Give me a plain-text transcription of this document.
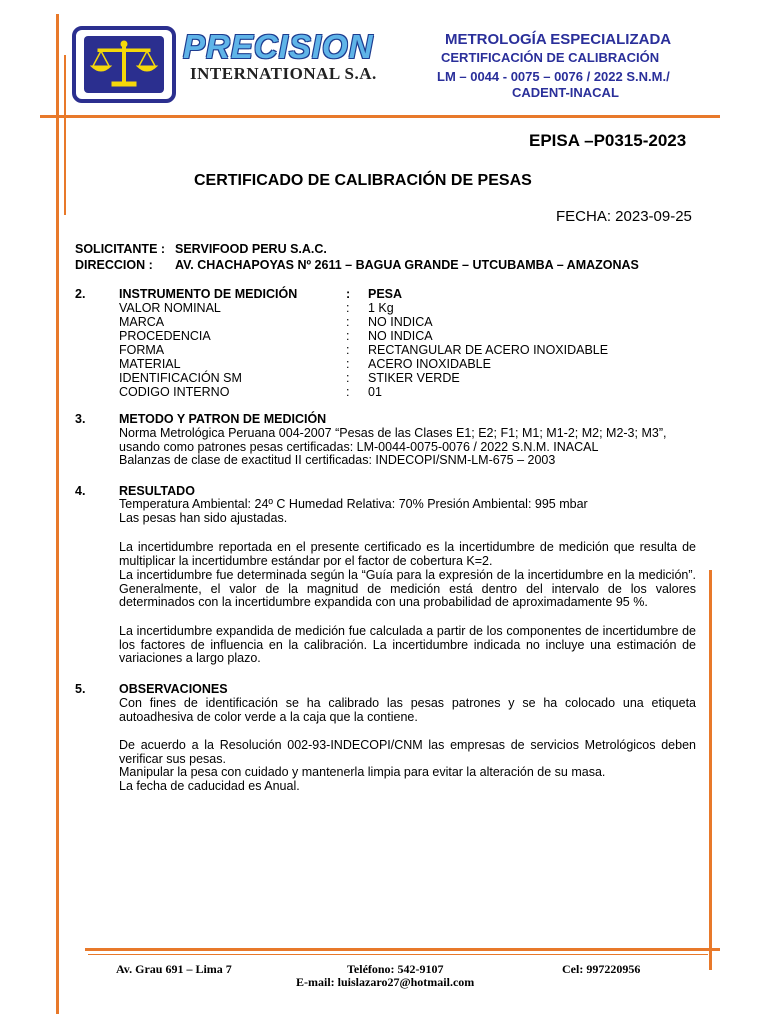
PRECISION
INTERNATIONAL S.A.
METROLOGÍA ESPECIALIZADA
CERTIFICACIÓN DE CALIBRACIÓN
LM – 0044 - 0075 – 0076 / 2022 S.N.M./
CADENT-INACAL
EPISA –P0315-2023
CERTIFICADO DE CALIBRACIÓN DE PESAS
FECHA: 2023-09-25
SOLICITANTE : SERVIFOOD PERU S.A.C.
DIRECCION : AV. CHACHAPOYAS Nº 2611 – BAGUA GRANDE – UTCUBAMBA – AMAZONAS
2.	INSTRUMENTO DE MEDICIÓN	: PESA
VALOR NOMINAL	: 1 Kg
MARCA	: NO INDICA
PROCEDENCIA	: NO INDICA
FORMA	: RECTANGULAR DE ACERO INOXIDABLE
MATERIAL	: ACERO INOXIDABLE
IDENTIFICACIÓN SM	: STIKER VERDE
CODIGO INTERNO	: 01
3.	METODO Y PATRON DE MEDICIÓN

Norma Metrológica Peruana 004-2007 “Pesas de las Clases E1; E2; F1; M1; M1-2; M2; M2-3; M3”,

usando como patrones pesas certificadas: LM-0044-0075-0076 / 2022 S.N.M. INACAL

Balanzas de clase de exactitud II certificadas: INDECOPI/SNM-LM-675 – 2003

4.	RESULTADO

Temperatura Ambiental: 24º C Humedad Relativa: 70% Presión Ambiental: 995 mbar

Las pesas han sido ajustadas.

La incertidumbre reportada en el presente certificado es la incertidumbre de medición que resulta de multiplicar la incertidumbre estándar por el factor de cobertura K=2.
La incertidumbre fue determinada según la “Guía para la expresión de la incertidumbre en la medición”. Generalmente, el valor de la magnitud de medición está dentro del intervalo de los valores determinados con la incertidumbre expandida con una probabilidad de aproximadamente 95 %.
La incertidumbre expandida de medición fue calculada a partir de los componentes de incertidumbre de los factores de influencia en la calibración. La incertidumbre indicada no incluye una estimación de variaciones a largo plazo.
5.	OBSERVACIONES
Con fines de identificación se ha calibrado las pesas patrones y se ha colocado una etiqueta autoadhesiva de color verde a la caja que la contiene.
De acuerdo a la Resolución 002-93-INDECOPI/CNM las empresas de servicios Metrológicos deben verificar sus pesas.
Manipular la pesa con cuidado y mantenerla limpia para evitar la alteración de su masa.
La fecha de caducidad es Anual.
Av. Grau 691 – Lima 7	Teléfono: 542-9107	Cel: 997220956
E-mail: luislazaro27@hotmail.com
